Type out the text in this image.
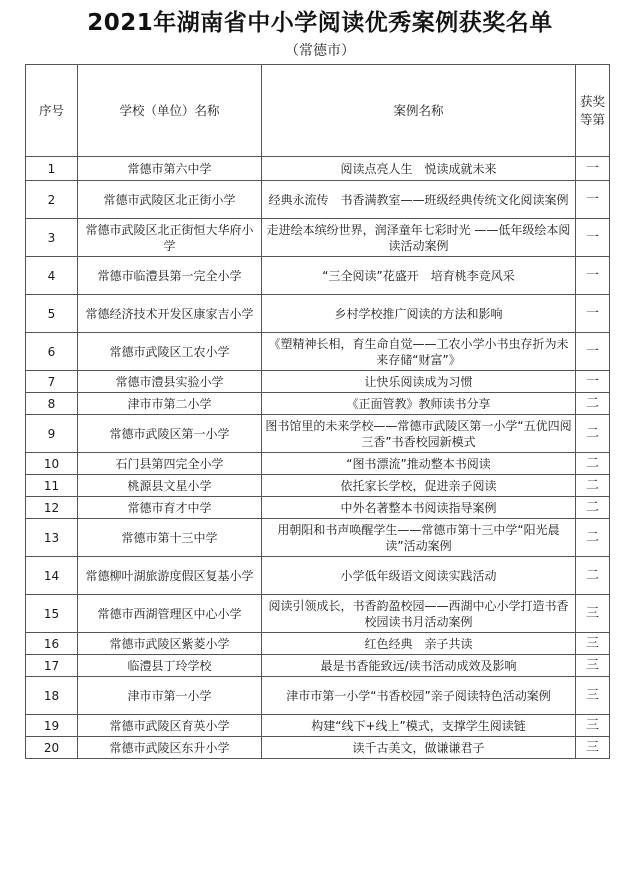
2021年湖南省中小学阅读优秀案例获奖名单
（常德市）
序号	学校（单位）名称	案例名称	获奖等第
1	常德市第六中学	阅读点亮人生　悦读成就未来	一
2	常德市武陵区北正街小学	经典永流传　书香满教室——班级经典传统文化阅读案例	一
3	常德市武陵区北正街恒大华府小学	走进绘本缤纷世界，润泽童年七彩时光 ——低年级绘本阅读活动案例	一
4	常德市临澧县第一完全小学	“三全阅读”花盛开　培育桃李竞风采	一
5	常德经济技术开发区康家吉小学	乡村学校推广阅读的方法和影响	一
6	常德市武陵区工农小学	《塑精神长相，育生命自觉——工农小学小书虫存折为未来存储“财富”》	一
7	常德市澧县实验小学	让快乐阅读成为习惯	一
8	津市市第二小学	《正面管教》教师读书分享	二
9	常德市武陵区第一小学	图书馆里的未来学校——常德市武陵区第一小学“五优四阅三香”书香校园新模式	二
10	石门县第四完全小学	“图书漂流”推动整本书阅读	二
11	桃源县文星小学	依托家长学校，促进亲子阅读	二
12	常德市育才中学	中外名著整本书阅读指导案例	二
13	常德市第十三中学	用朝阳和书声唤醒学生——常德市第十三中学“阳光晨读”活动案例	二
14	常德柳叶湖旅游度假区复基小学	小学低年级语文阅读实践活动	二
15	常德市西湖管理区中心小学	阅读引领成长，书香韵盈校园——西湖中心小学打造书香校园读书月活动案例	三
16	常德市武陵区紫菱小学	红色经典　亲子共读	三
17	临澧县丁玲学校	最是书香能致远/读书活动成效及影响	三
18	津市市第一小学	津市市第一小学“书香校园”亲子阅读特色活动案例	三
19	常德市武陵区育英小学	构建“线下+线上”模式，支撑学生阅读链	三
20	常德市武陵区东升小学	读千古美文，做谦谦君子	三
